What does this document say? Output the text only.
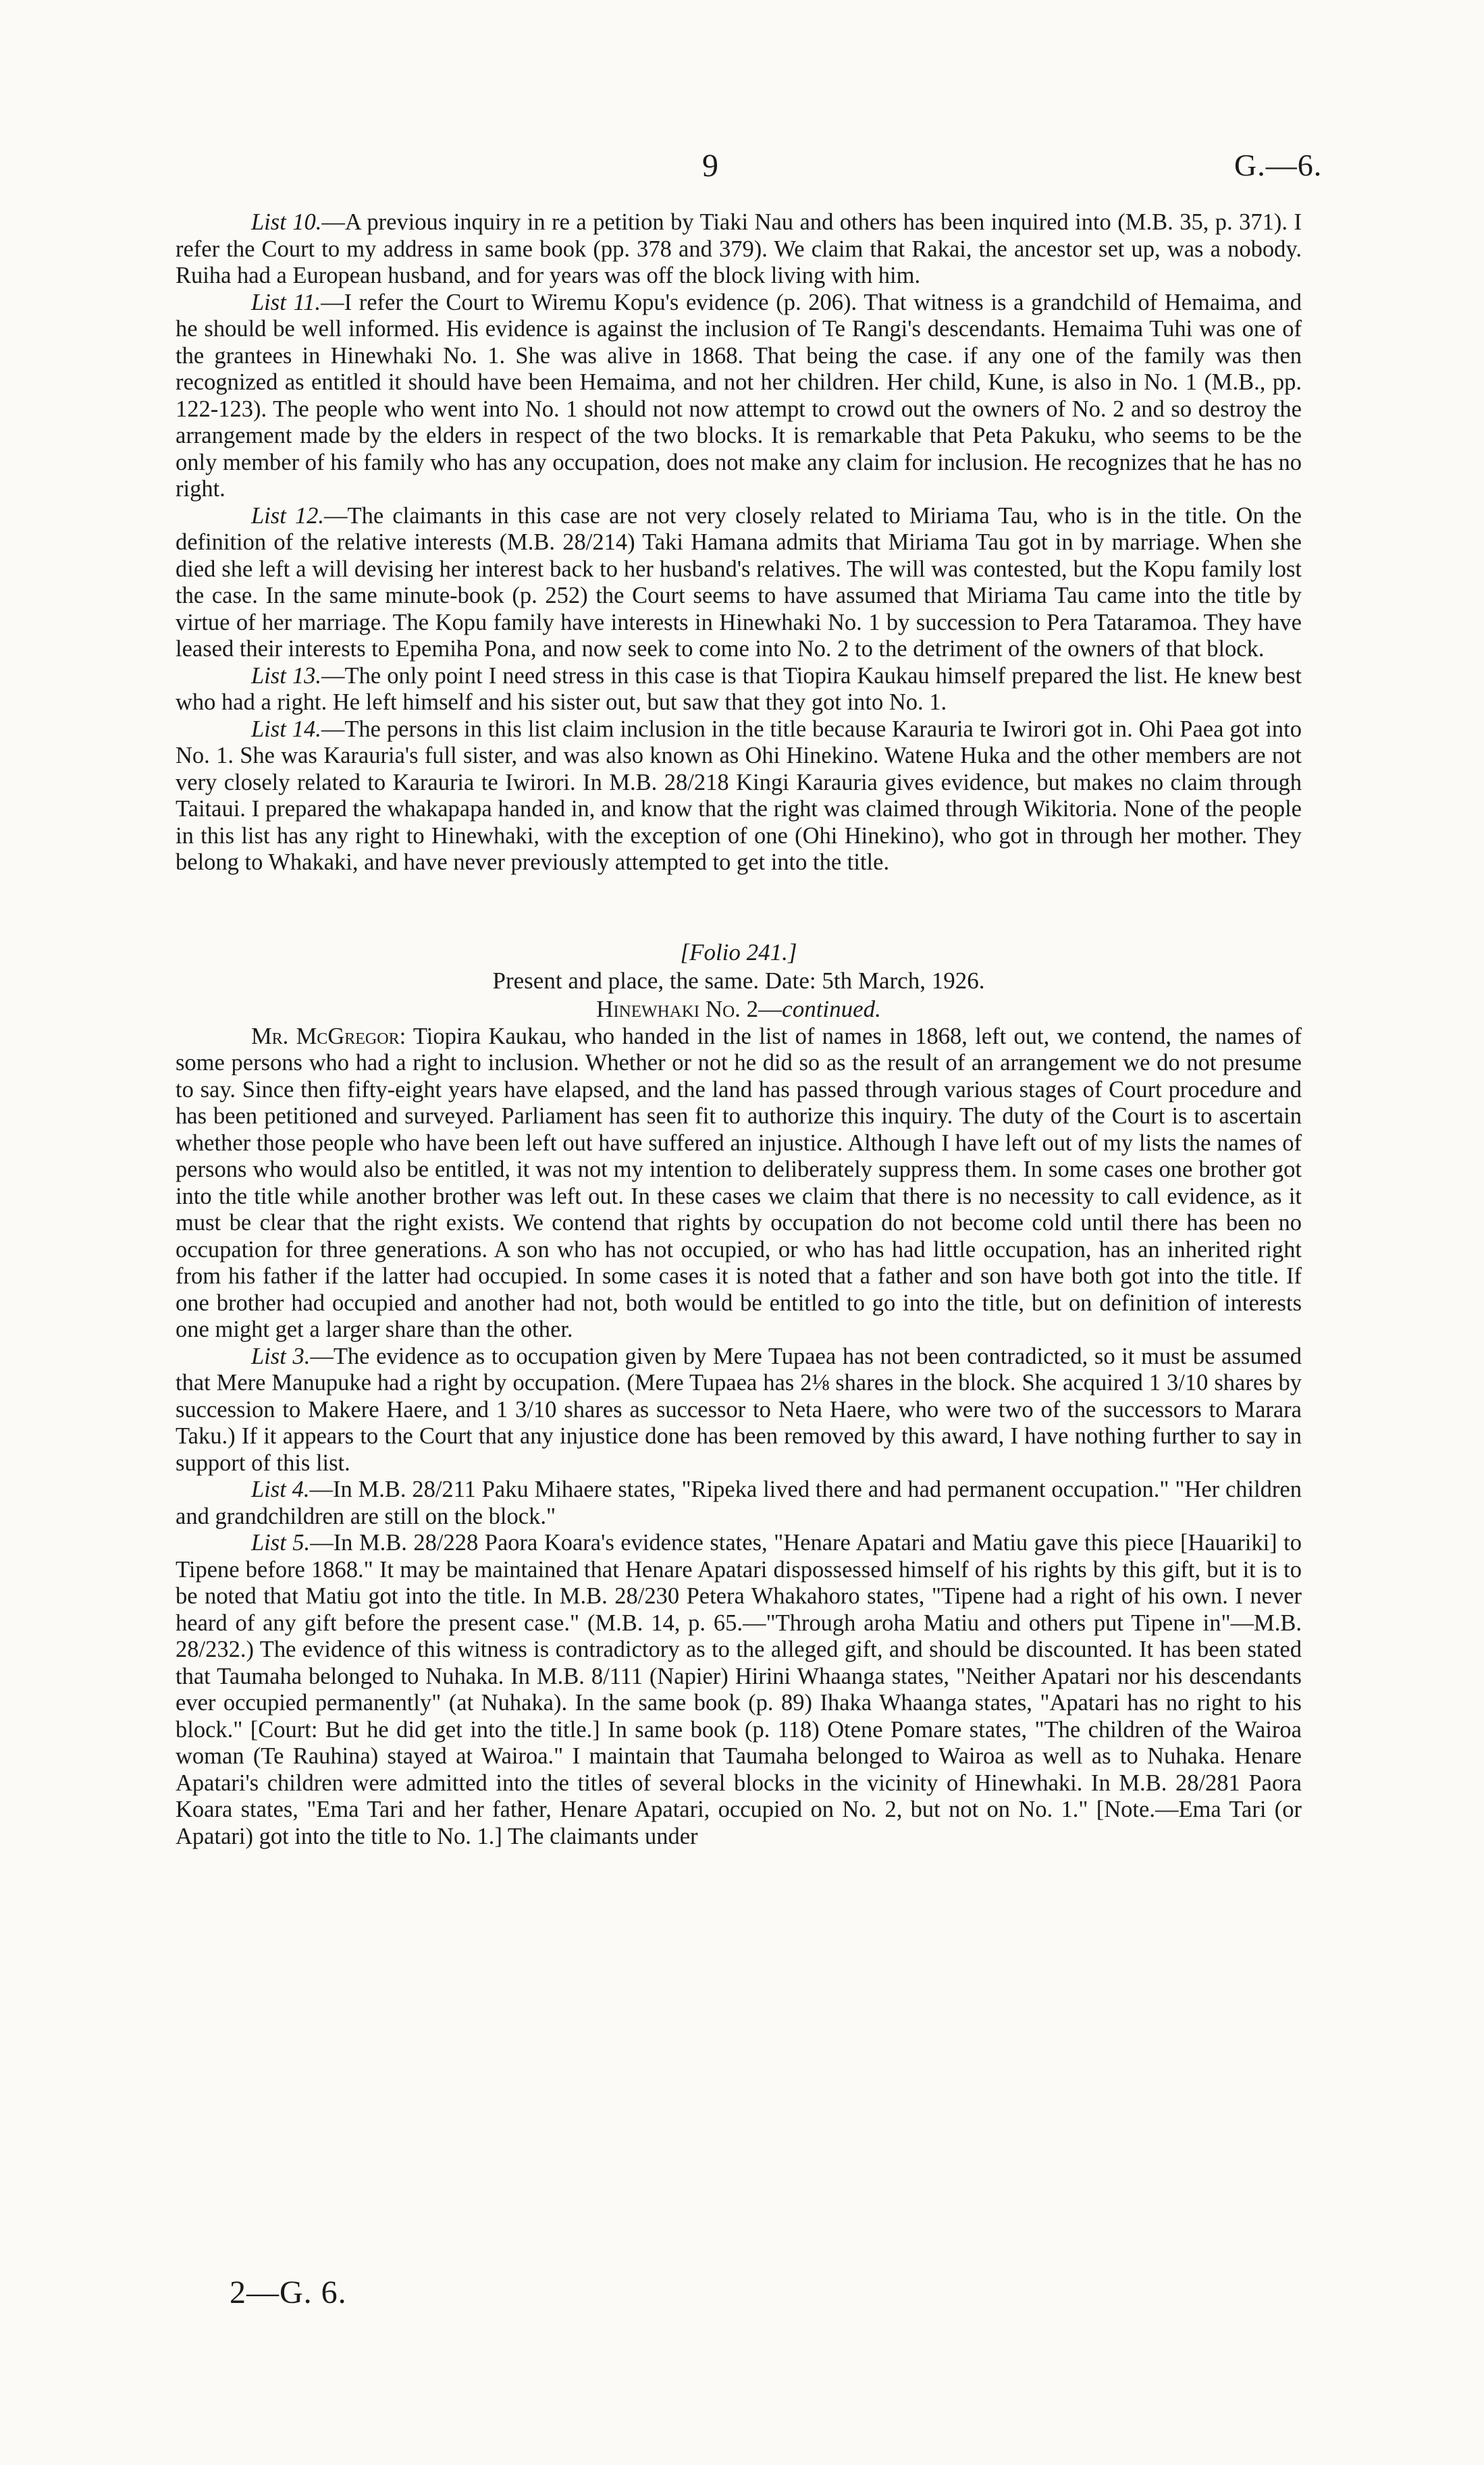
9	G.—6.

List 10.—A previous inquiry in re a petition by Tiaki Nau and others has been inquired into (M.B. 35, p. 371). I refer the Court to my address in same book (pp. 378 and 379). We claim that Rakai, the ancestor set up, was a nobody. Ruiha had a European husband, and for years was off the block living with him.

List 11.—I refer the Court to Wiremu Kopu's evidence (p. 206). That witness is a grandchild of Hemaima, and he should be well informed. His evidence is against the inclusion of Te Rangi's descendants. Hemaima Tuhi was one of the grantees in Hinewhaki No. 1. She was alive in 1868. That being the case. if any one of the family was then recognized as entitled it should have been Hemaima, and not her children. Her child, Kune, is also in No. 1 (M.B., pp. 122-123). The people who went into No. 1 should not now attempt to crowd out the owners of No. 2 and so destroy the arrangement made by the elders in respect of the two blocks. It is remarkable that Peta Pakuku, who seems to be the only member of his family who has any occupation, does not make any claim for inclusion. He recognizes that he has no right.

List 12.—The claimants in this case are not very closely related to Miriama Tau, who is in the title. On the definition of the relative interests (M.B. 28/214) Taki Hamana admits that Miriama Tau got in by marriage. When she died she left a will devising her interest back to her husband's relatives. The will was contested, but the Kopu family lost the case. In the same minute-book (p. 252) the Court seems to have assumed that Miriama Tau came into the title by virtue of her marriage. The Kopu family have interests in Hinewhaki No. 1 by succession to Pera Tataramoa. They have leased their interests to Epemiha Pona, and now seek to come into No. 2 to the detriment of the owners of that block.

List 13.—The only point I need stress in this case is that Tiopira Kaukau himself prepared the list. He knew best who had a right. He left himself and his sister out, but saw that they got into No. 1.

List 14.—The persons in this list claim inclusion in the title because Karauria te Iwirori got in. Ohi Paea got into No. 1. She was Karauria's full sister, and was also known as Ohi Hinekino. Watene Huka and the other members are not very closely related to Karauria te Iwirori. In M.B. 28/218 Kingi Karauria gives evidence, but makes no claim through Taitaui. I prepared the whakapapa handed in, and know that the right was claimed through Wikitoria. None of the people in this list has any right to Hinewhaki, with the exception of one (Ohi Hinekino), who got in through her mother. They belong to Whakaki, and have never previously attempted to get into the title.

[Folio 241.]

Present and place, the same. Date: 5th March, 1926.

Hinewhaki No. 2—continued.

Mr. McGregor: Tiopira Kaukau, who handed in the list of names in 1868, left out, we contend, the names of some persons who had a right to inclusion. Whether or not he did so as the result of an arrangement we do not presume to say. Since then fifty-eight years have elapsed, and the land has passed through various stages of Court procedure and has been petitioned and surveyed. Parliament has seen fit to authorize this inquiry. The duty of the Court is to ascertain whether those people who have been left out have suffered an injustice. Although I have left out of my lists the names of persons who would also be entitled, it was not my intention to deliberately suppress them. In some cases one brother got into the title while another brother was left out. In these cases we claim that there is no necessity to call evidence, as it must be clear that the right exists. We contend that rights by occupation do not become cold until there has been no occupation for three generations. A son who has not occupied, or who has had little occupation, has an inherited right from his father if the latter had occupied. In some cases it is noted that a father and son have both got into the title. If one brother had occupied and another had not, both would be entitled to go into the title, but on definition of interests one might get a larger share than the other.

List 3.—The evidence as to occupation given by Mere Tupaea has not been contradicted, so it must be assumed that Mere Manupuke had a right by occupation. (Mere Tupaea has 2⅛ shares in the block. She acquired 1 3/10 shares by succession to Makere Haere, and 1 3/10 shares as successor to Neta Haere, who were two of the successors to Marara Taku.) If it appears to the Court that any injustice done has been removed by this award, I have nothing further to say in support of this list.

List 4.—In M.B. 28/211 Paku Mihaere states, "Ripeka lived there and had permanent occupation." "Her children and grandchildren are still on the block."

List 5.—In M.B. 28/228 Paora Koara's evidence states, "Henare Apatari and Matiu gave this piece [Hauariki] to Tipene before 1868." It may be maintained that Henare Apatari dispossessed himself of his rights by this gift, but it is to be noted that Matiu got into the title. In M.B. 28/230 Petera Whakahoro states, "Tipene had a right of his own. I never heard of any gift before the present case." (M.B. 14, p. 65.—"Through aroha Matiu and others put Tipene in"—M.B. 28/232.) The evidence of this witness is contradictory as to the alleged gift, and should be discounted. It has been stated that Taumaha belonged to Nuhaka. In M.B. 8/111 (Napier) Hirini Whaanga states, "Neither Apatari nor his descendants ever occupied permanently" (at Nuhaka). In the same book (p. 89) Ihaka Whaanga states, "Apatari has no right to his block." [Court: But he did get into the title.] In same book (p. 118) Otene Pomare states, "The children of the Wairoa woman (Te Rauhina) stayed at Wairoa." I maintain that Taumaha belonged to Wairoa as well as to Nuhaka. Henare Apatari's children were admitted into the titles of several blocks in the vicinity of Hinewhaki. In M.B. 28/281 Paora Koara states, "Ema Tari and her father, Henare Apatari, occupied on No. 2, but not on No. 1." [Note.—Ema Tari (or Apatari) got into the title to No. 1.] The claimants under

2—G. 6.
